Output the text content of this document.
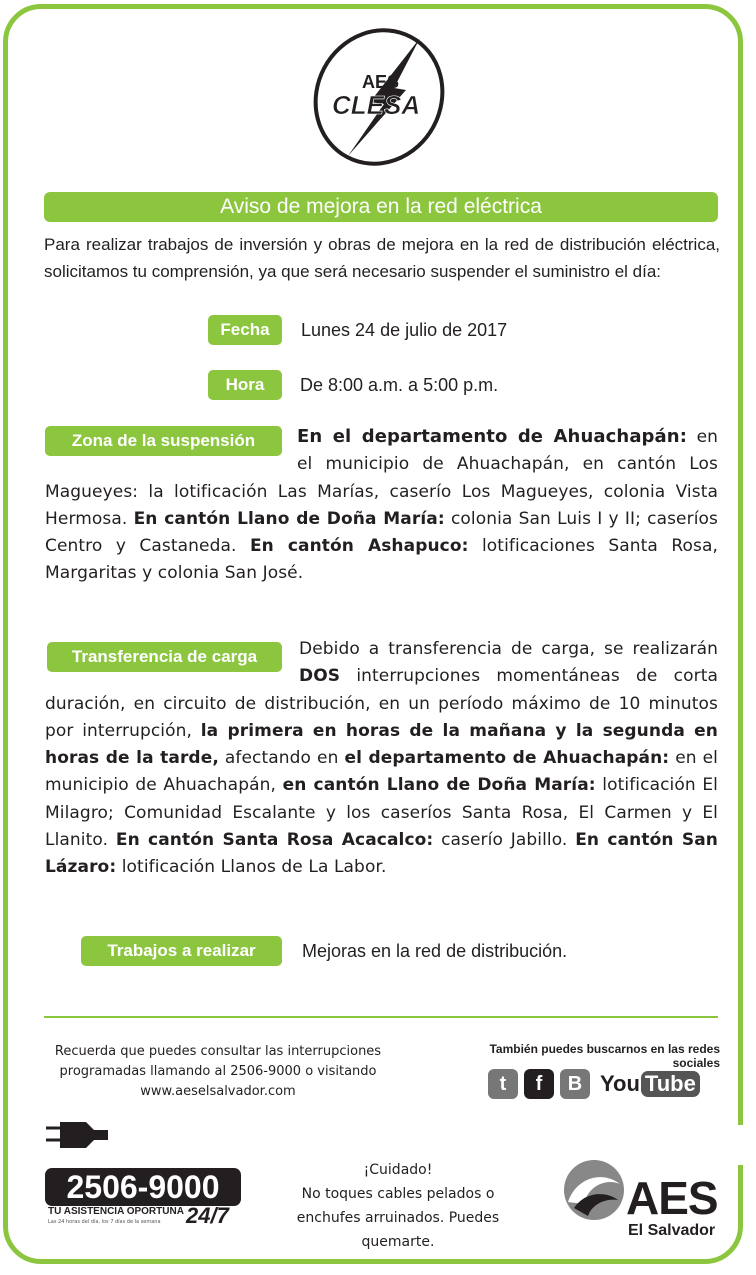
AES
CLESA
Aviso de mejora en la red eléctrica
Para realizar trabajos de inversión y obras de mejora en la red de distribución eléctrica, solicitamos tu comprensión, ya que será necesario suspender el suministro el día:
Fecha	Lunes 24 de julio de 2017
Hora	De 8:00 a.m. a 5:00 p.m.
Zona de la suspensión	En el departamento de Ahuachapán: en el municipio de Ahuachapán, en cantón Los Magueyes: la lotificación Las Marías, caserío Los Magueyes, colonia Vista Hermosa. En cantón Llano de Doña María: colonia San Luis I y II; caseríos Centro y Castaneda. En cantón Ashapuco: lotificaciones Santa Rosa, Margaritas y colonia San José.
Transferencia de carga	Debido a transferencia de carga, se realizarán DOS interrupciones momentáneas de corta duración, en circuito de distribución, en un período máximo de 10 minutos por interrupción, la primera en horas de la mañana y la segunda en horas de la tarde, afectando en el departamento de Ahuachapán: en el municipio de Ahuachapán, en cantón Llano de Doña María: lotificación El Milagro; Comunidad Escalante y los caseríos Santa Rosa, El Carmen y El Llanito. En cantón Santa Rosa Acacalco: caserío Jabillo. En cantón San Lázaro: lotificación Llanos de La Labor.
Trabajos a realizar	Mejoras en la red de distribución.
Recuerda que puedes consultar las interrupciones
programadas llamando al 2506-9000 o visitando
www.aeselsalvador.com
También puedes buscarnos en las redes sociales
t	f	B You Tube
2506-9000
TU ASISTENCIA OPORTUNA
Las 24 horas del día, los 7 días de la semana	24/7
¡Cuidado!
No toques cables pelados o
enchufes arruinados. Puedes
quemarte.
AES
El Salvador
